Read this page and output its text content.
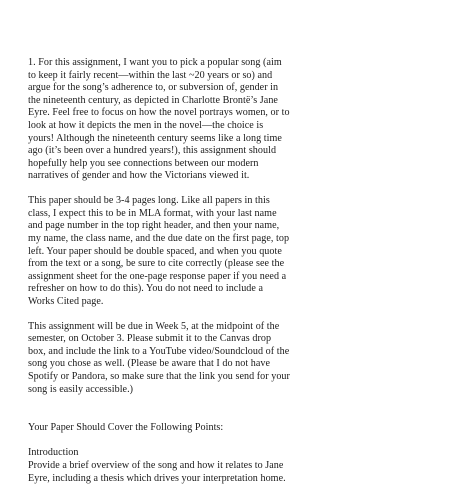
1. For this assignment, I want you to pick a popular song (aim
to keep it fairly recent—within the last ~20 years or so) and
argue for the song’s adherence to, or subversion of, gender in
the nineteenth century, as depicted in Charlotte Brontë’s Jane
Eyre. Feel free to focus on how the novel portrays women, or to
look at how it depicts the men in the novel—the choice is
yours! Although the nineteenth century seems like a long time
ago (it’s been over a hundred years!), this assignment should
hopefully help you see connections between our modern
narratives of gender and how the Victorians viewed it.

This paper should be 3-4 pages long. Like all papers in this
class, I expect this to be in MLA format, with your last name
and page number in the top right header, and then your name,
my name, the class name, and the due date on the first page, top
left. Your paper should be double spaced, and when you quote
from the text or a song, be sure to cite correctly (please see the
assignment sheet for the one-page response paper if you need a
refresher on how to do this). You do not need to include a
Works Cited page.

This assignment will be due in Week 5, at the midpoint of the
semester, on October 3. Please submit it to the Canvas drop
box, and include the link to a YouTube video/Soundcloud of the
song you chose as well. (Please be aware that I do not have
Spotify or Pandora, so make sure that the link you send for your
song is easily accessible.)

Your Paper Should Cover the Following Points:

Introduction
Provide a brief overview of the song and how it relates to Jane
Eyre, including a thesis which drives your interpretation home.
